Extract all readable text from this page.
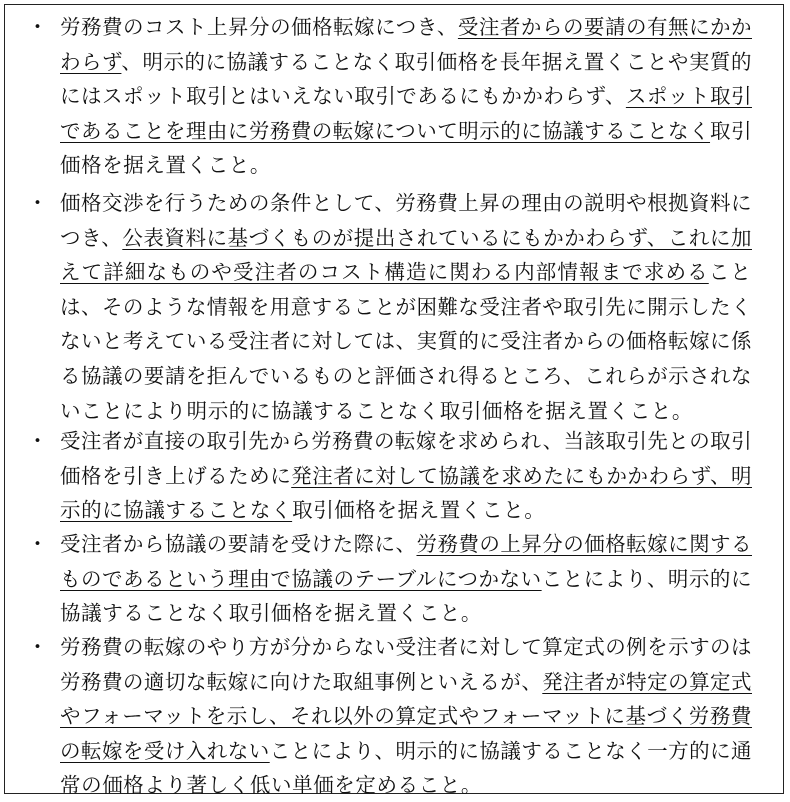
・ 労務費のコスト上昇分の価格転嫁につき、受注者からの要請の有無にかか
わらず、明示的に協議することなく取引価格を長年据え置くことや実質的
にはスポット取引とはいえない取引であるにもかかわらず、スポット取引
であることを理由に労務費の転嫁について明示的に協議することなく取引
価格を据え置くこと。
・ 価格交渉を行うための条件として、労務費上昇の理由の説明や根拠資料に
つき、公表資料に基づくものが提出されているにもかかわらず、これに加
えて詳細なものや受注者のコスト構造に関わる内部情報まで求めること
は、そのような情報を用意することが困難な受注者や取引先に開示したく
ないと考えている受注者に対しては、実質的に受注者からの価格転嫁に係
る協議の要請を拒んでいるものと評価され得るところ、これらが示されな
いことにより明示的に協議することなく取引価格を据え置くこと。
・ 受注者が直接の取引先から労務費の転嫁を求められ、当該取引先との取引
価格を引き上げるために発注者に対して協議を求めたにもかかわらず、明
示的に協議することなく取引価格を据え置くこと。
・ 受注者から協議の要請を受けた際に、労務費の上昇分の価格転嫁に関する
ものであるという理由で協議のテーブルにつかないことにより、明示的に
協議することなく取引価格を据え置くこと。
・ 労務費の転嫁のやり方が分からない受注者に対して算定式の例を示すのは
労務費の適切な転嫁に向けた取組事例といえるが、発注者が特定の算定式
やフォーマットを示し、それ以外の算定式やフォーマットに基づく労務費
の転嫁を受け入れないことにより、明示的に協議することなく一方的に通
常の価格より著しく低い単価を定めること。
